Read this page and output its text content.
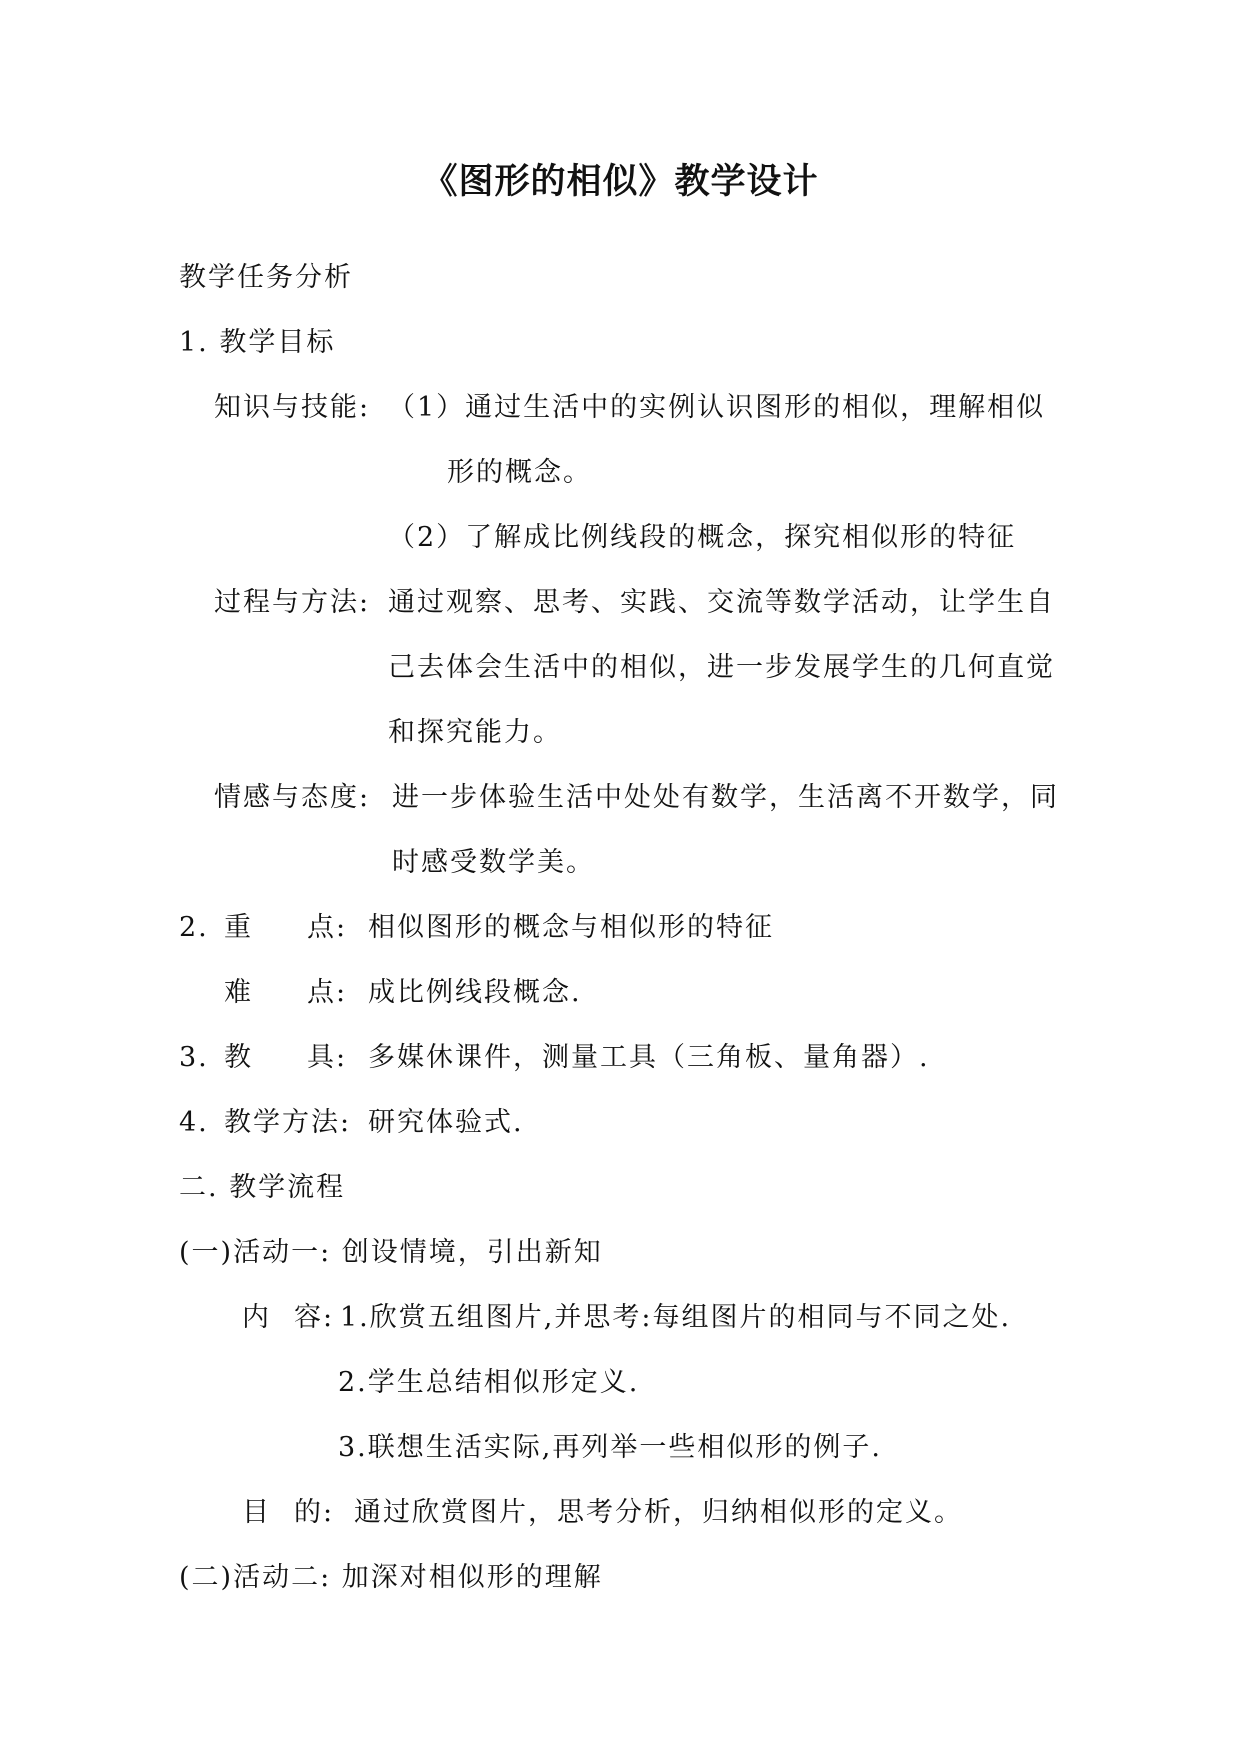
《图形的相似》教学设计
教学任务分析
1. 教学目标
知识与技能: （1）通过生活中的实例认识图形的相似，理解相似
形的概念。
（2）了解成比例线段的概念，探究相似形的特征
过程与方法: 通过观察、思考、实践、交流等数学活动，让学生自
己去体会生活中的相似，进一步发展学生的几何直觉
和探究能力。
情感与态度: 进一步体验生活中处处有数学，生活离不开数学，同
时感受数学美。
2. 重 点: 相似图形的概念与相似形的特征
难 点: 成比例线段概念.
3. 教 具: 多媒休课件，测量工具（三角板、量角器）.
4. 教学方法: 研究体验式.
二. 教学流程
(一)活动一: 创设情境，引出新知
内 容: 1.欣赏五组图片,并思考:每组图片的相同与不同之处.
2.学生总结相似形定义.
3.联想生活实际,再列举一些相似形的例子.
目 的: 通过欣赏图片，思考分析，归纳相似形的定义。
(二)活动二: 加深对相似形的理解
